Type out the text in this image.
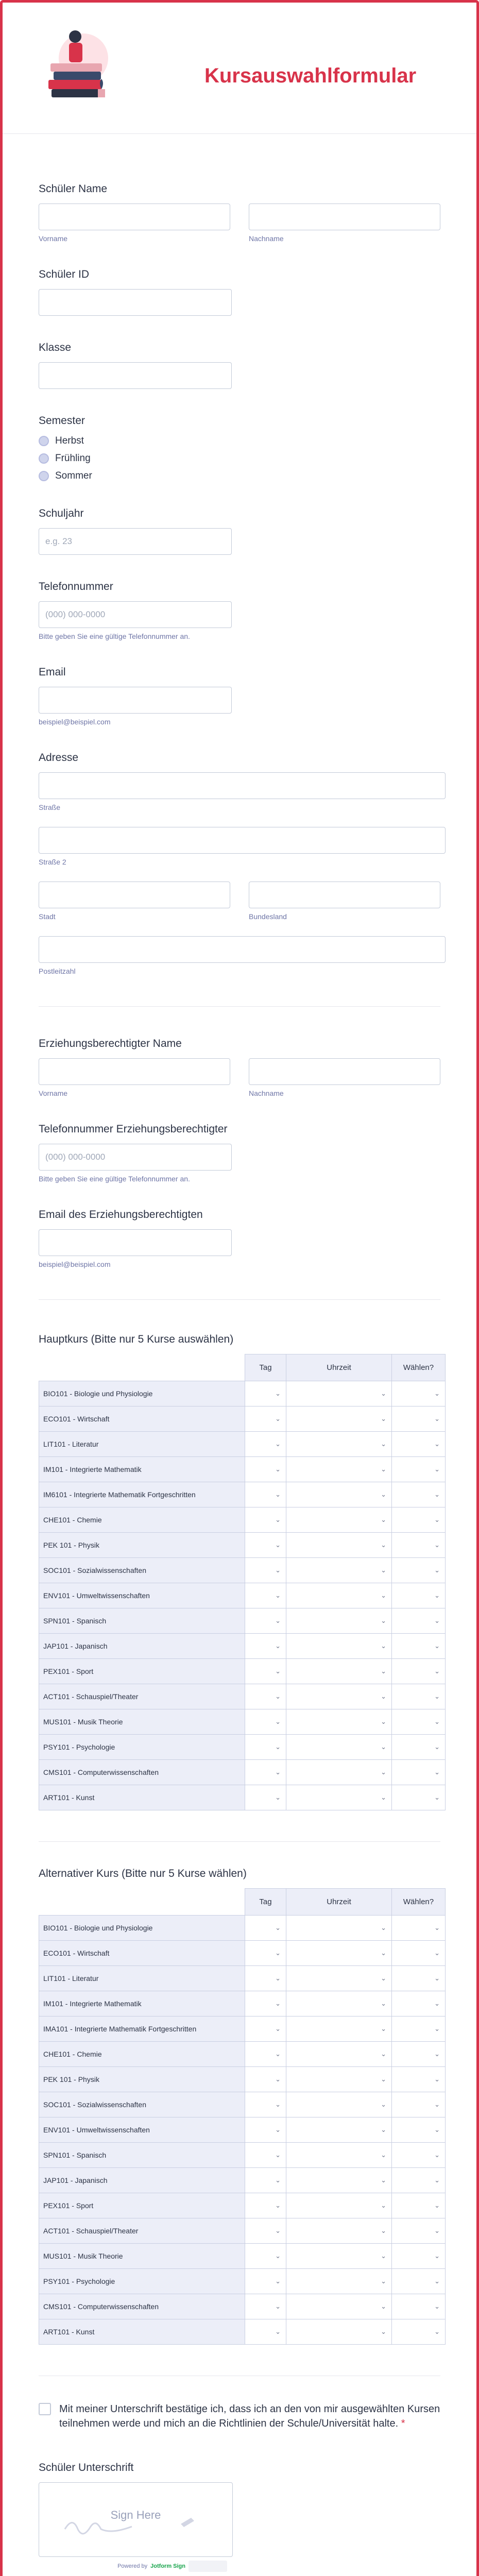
Kursauswahlformular
Schüler Name
Vorname	Nachname
Schüler ID
Klasse
Semester
Herbst
Frühling
Sommer
Schuljahr
e.g. 23
Telefonnummer
(000) 000-0000
Bitte geben Sie eine gültige Telefonnummer an.
Email
beispiel@beispiel.com
Adresse
Straße
Straße 2
Stadt	Bundesland
Postleitzahl
Erziehungsberechtigter Name
Vorname	Nachname
Telefonnummer Erziehungsberechtigter
(000) 000-0000
Bitte geben Sie eine gültige Telefonnummer an.
Email des Erziehungsberechtigten
beispiel@beispiel.com
Hauptkurs (Bitte nur 5 Kurse auswählen)
	Tag	Uhrzeit	Wählen?
BIO101 - Biologie und Physiologie	⌄	⌄	⌄

ECO101 - Wirtschaft	⌄	⌄	⌄

LIT101 - Literatur	⌄	⌄	⌄

IM101 - Integrierte Mathematik	⌄	⌄	⌄

IM6101 - Integrierte Mathematik Fortgeschritten	⌄	⌄	⌄

CHE101 - Chemie	⌄	⌄	⌄

PEK 101 - Physik	⌄	⌄	⌄

SOC101 - Sozialwissenschaften	⌄	⌄	⌄

ENV101 - Umweltwissenschaften	⌄	⌄	⌄

SPN101 - Spanisch	⌄	⌄	⌄

JAP101 - Japanisch	⌄	⌄	⌄

PEX101 - Sport	⌄	⌄	⌄

ACT101 - Schauspiel/Theater	⌄	⌄	⌄

MUS101 - Musik Theorie	⌄	⌄	⌄

PSY101 - Psychologie	⌄	⌄	⌄

CMS101 - Computerwissenschaften	⌄	⌄	⌄

ART101 - Kunst	⌄	⌄	⌄
Alternativer Kurs (Bitte nur 5 Kurse wählen)
	Tag	Uhrzeit	Wählen?
BIO101 - Biologie und Physiologie	⌄	⌄	⌄

ECO101 - Wirtschaft	⌄	⌄	⌄

LIT101 - Literatur	⌄	⌄	⌄

IM101 - Integrierte Mathematik	⌄	⌄	⌄

IMA101 - Integrierte Mathematik Fortgeschritten	⌄	⌄	⌄

CHE101 - Chemie	⌄	⌄	⌄

PEK 101 - Physik	⌄	⌄	⌄

SOC101 - Sozialwissenschaften	⌄	⌄	⌄

ENV101 - Umweltwissenschaften	⌄	⌄	⌄

SPN101 - Spanisch	⌄	⌄	⌄

JAP101 - Japanisch	⌄	⌄	⌄

PEX101 - Sport	⌄	⌄	⌄

ACT101 - Schauspiel/Theater	⌄	⌄	⌄

MUS101 - Musik Theorie	⌄	⌄	⌄

PSY101 - Psychologie	⌄	⌄	⌄

CMS101 - Computerwissenschaften	⌄	⌄	⌄

ART101 - Kunst	⌄	⌄	⌄
Mit meiner Unterschrift bestätige ich, dass ich an den von mir ausgewählten Kursen teilnehmen werde und mich an die Richtlinien der Schule/Universität halte. *
Schüler Unterschrift
Sign Here
Powered by Jotform Sign
